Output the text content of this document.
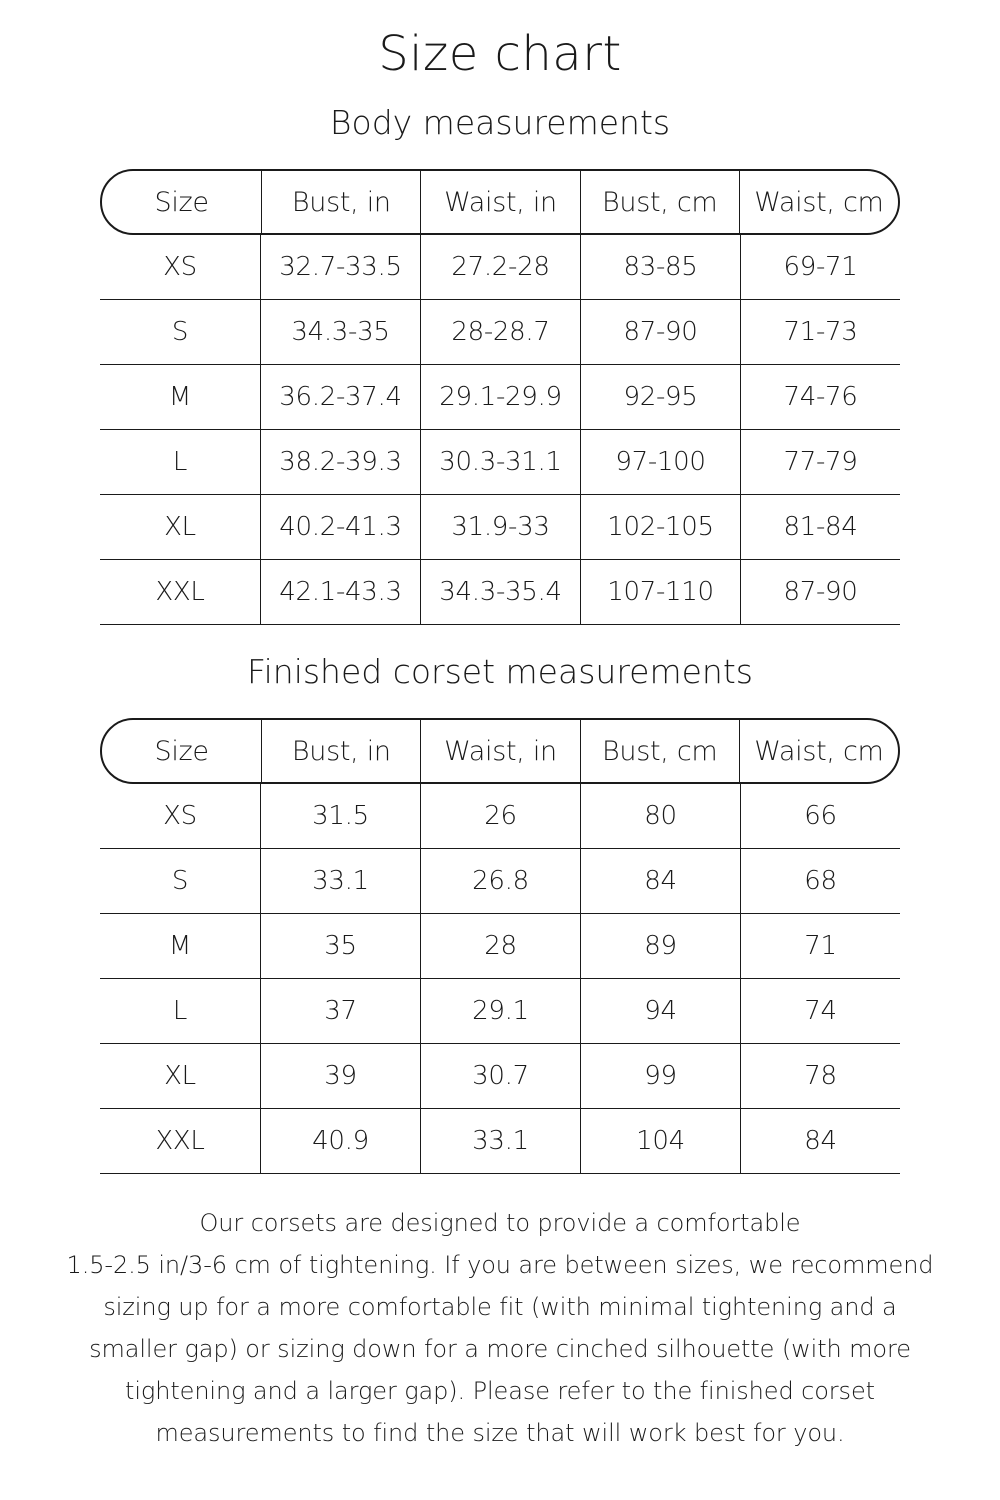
Size chart
Body measurements
Size	Bust, in	Waist, in	Bust, cm	Waist, cm
XS	32.7-33.5	27.2-28	83-85	69-71
S	34.3-35	28-28.7	87-90	71-73
M	36.2-37.4	29.1-29.9	92-95	74-76
L	38.2-39.3	30.3-31.1	97-100	77-79
XL	40.2-41.3	31.9-33	102-105	81-84
XXL	42.1-43.3	34.3-35.4	107-110	87-90
Finished corset measurements
Size	Bust, in	Waist, in	Bust, cm	Waist, cm
XS	31.5	26	80	66
S	33.1	26.8	84	68
M	35	28	89	71
L	37	29.1	94	74
XL	39	30.7	99	78
XXL	40.9	33.1	104	84
Our corsets are designed to provide a comfortable
1.5-2.5 in/3-6 cm of tightening. If you are between sizes, we recommend
sizing up for a more comfortable fit (with minimal tightening and a
smaller gap) or sizing down for a more cinched silhouette (with more
tightening and a larger gap). Please refer to the finished corset
measurements to find the size that will work best for you.
